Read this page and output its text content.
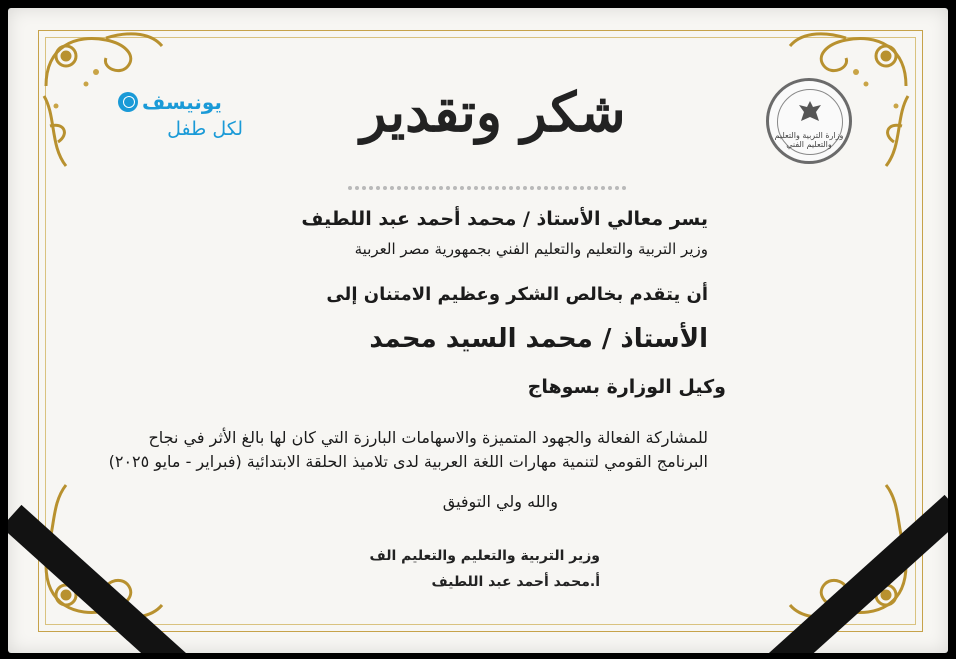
يونيسف
لكل طفل	وزارة التربية والتعليم والتعليم الفني
شكر وتقدير
يسر معالي الأستاذ / محمد أحمد عبد اللطيف
وزير التربية والتعليم والتعليم الفني بجمهورية مصر العربية
أن يتقدم بخالص الشكر وعظيم الامتنان إلى
الأستاذ / محمد السيد محمد
وكيل الوزارة بسوهاج
للمشاركة الفعالة والجهود المتميزة والاسهامات البارزة التي كان لها بالغ الأثر في نجاح
البرنامج القومي لتنمية مهارات اللغة العربية لدى تلاميذ الحلقة الابتدائية (فبراير - مايو ٢٠٢٥)
والله ولي التوفيق
وزير التربية والتعليم والتعليم الف
أ.محمد أحمد عبد اللطيف
